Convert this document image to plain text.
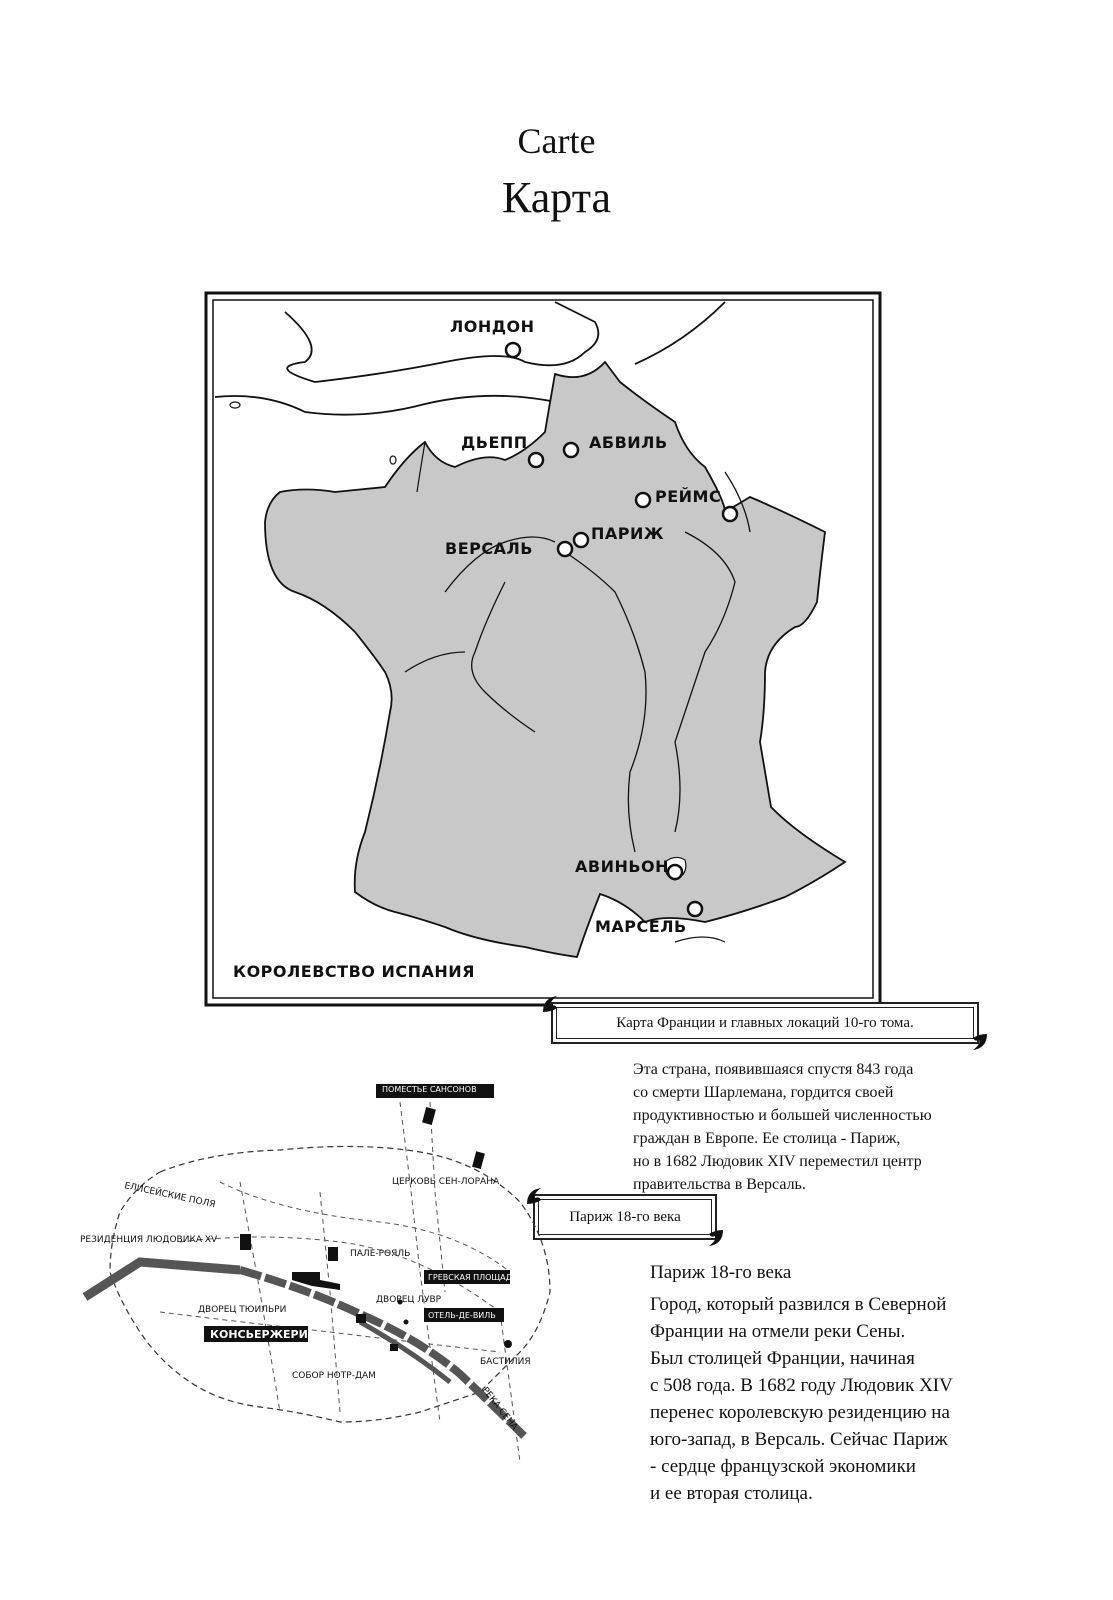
Carte
Карта
ЛОНДОН
ДЬЕПП	АБВИЛЬ
РЕЙМС
ПАРИЖ
ВЕРСАЛЬ
АВИНЬОН
МАРСЕЛЬ
КОРОЛЕВСТВО ИСПАНИЯ
Карта Франции и главных локаций 10-го тома.

Эта страна, появившаяся спустя 843 года
со смерти Шарлемана, гордится своей
продуктивностью и большей численностью
граждан в Европе. Ее столица - Париж,
но в 1682 Людовик XIV переместил центр
правительства в Версаль.

Париж 18-го века
ПОМЕСТЬЕ САНСОНОВ
ГРЕВСКАЯ ПЛОЩАДЬ
ОТЕЛЬ-ДЕ-ВИЛЬ
КОНСЬЕРЖЕРИ
ЦЕРКОВЬ СЕН-ЛОРАНА
ЕЛИСЕЙСКИЕ ПОЛЯ
РЕЗИДЕНЦИЯ ЛЮДОВИКА XV
ПАЛЕ-РОЯЛЬ
ДВОРЕЦ ЛУВР
ДВОРЕЦ ТЮИЛЬРИ
БАСТИЛИЯ
СОБОР НОТР-ДАМ
РЕКА СЕНА
Париж 18-го века

Город, который развился в Северной
Франции на отмели реки Сены.
Был столицей Франции, начиная
с 508 года. В 1682 году Людовик XIV
перенес королевскую резиденцию на
юго-запад, в Версаль. Сейчас Париж
- сердце французской экономики
и ее вторая столица.
